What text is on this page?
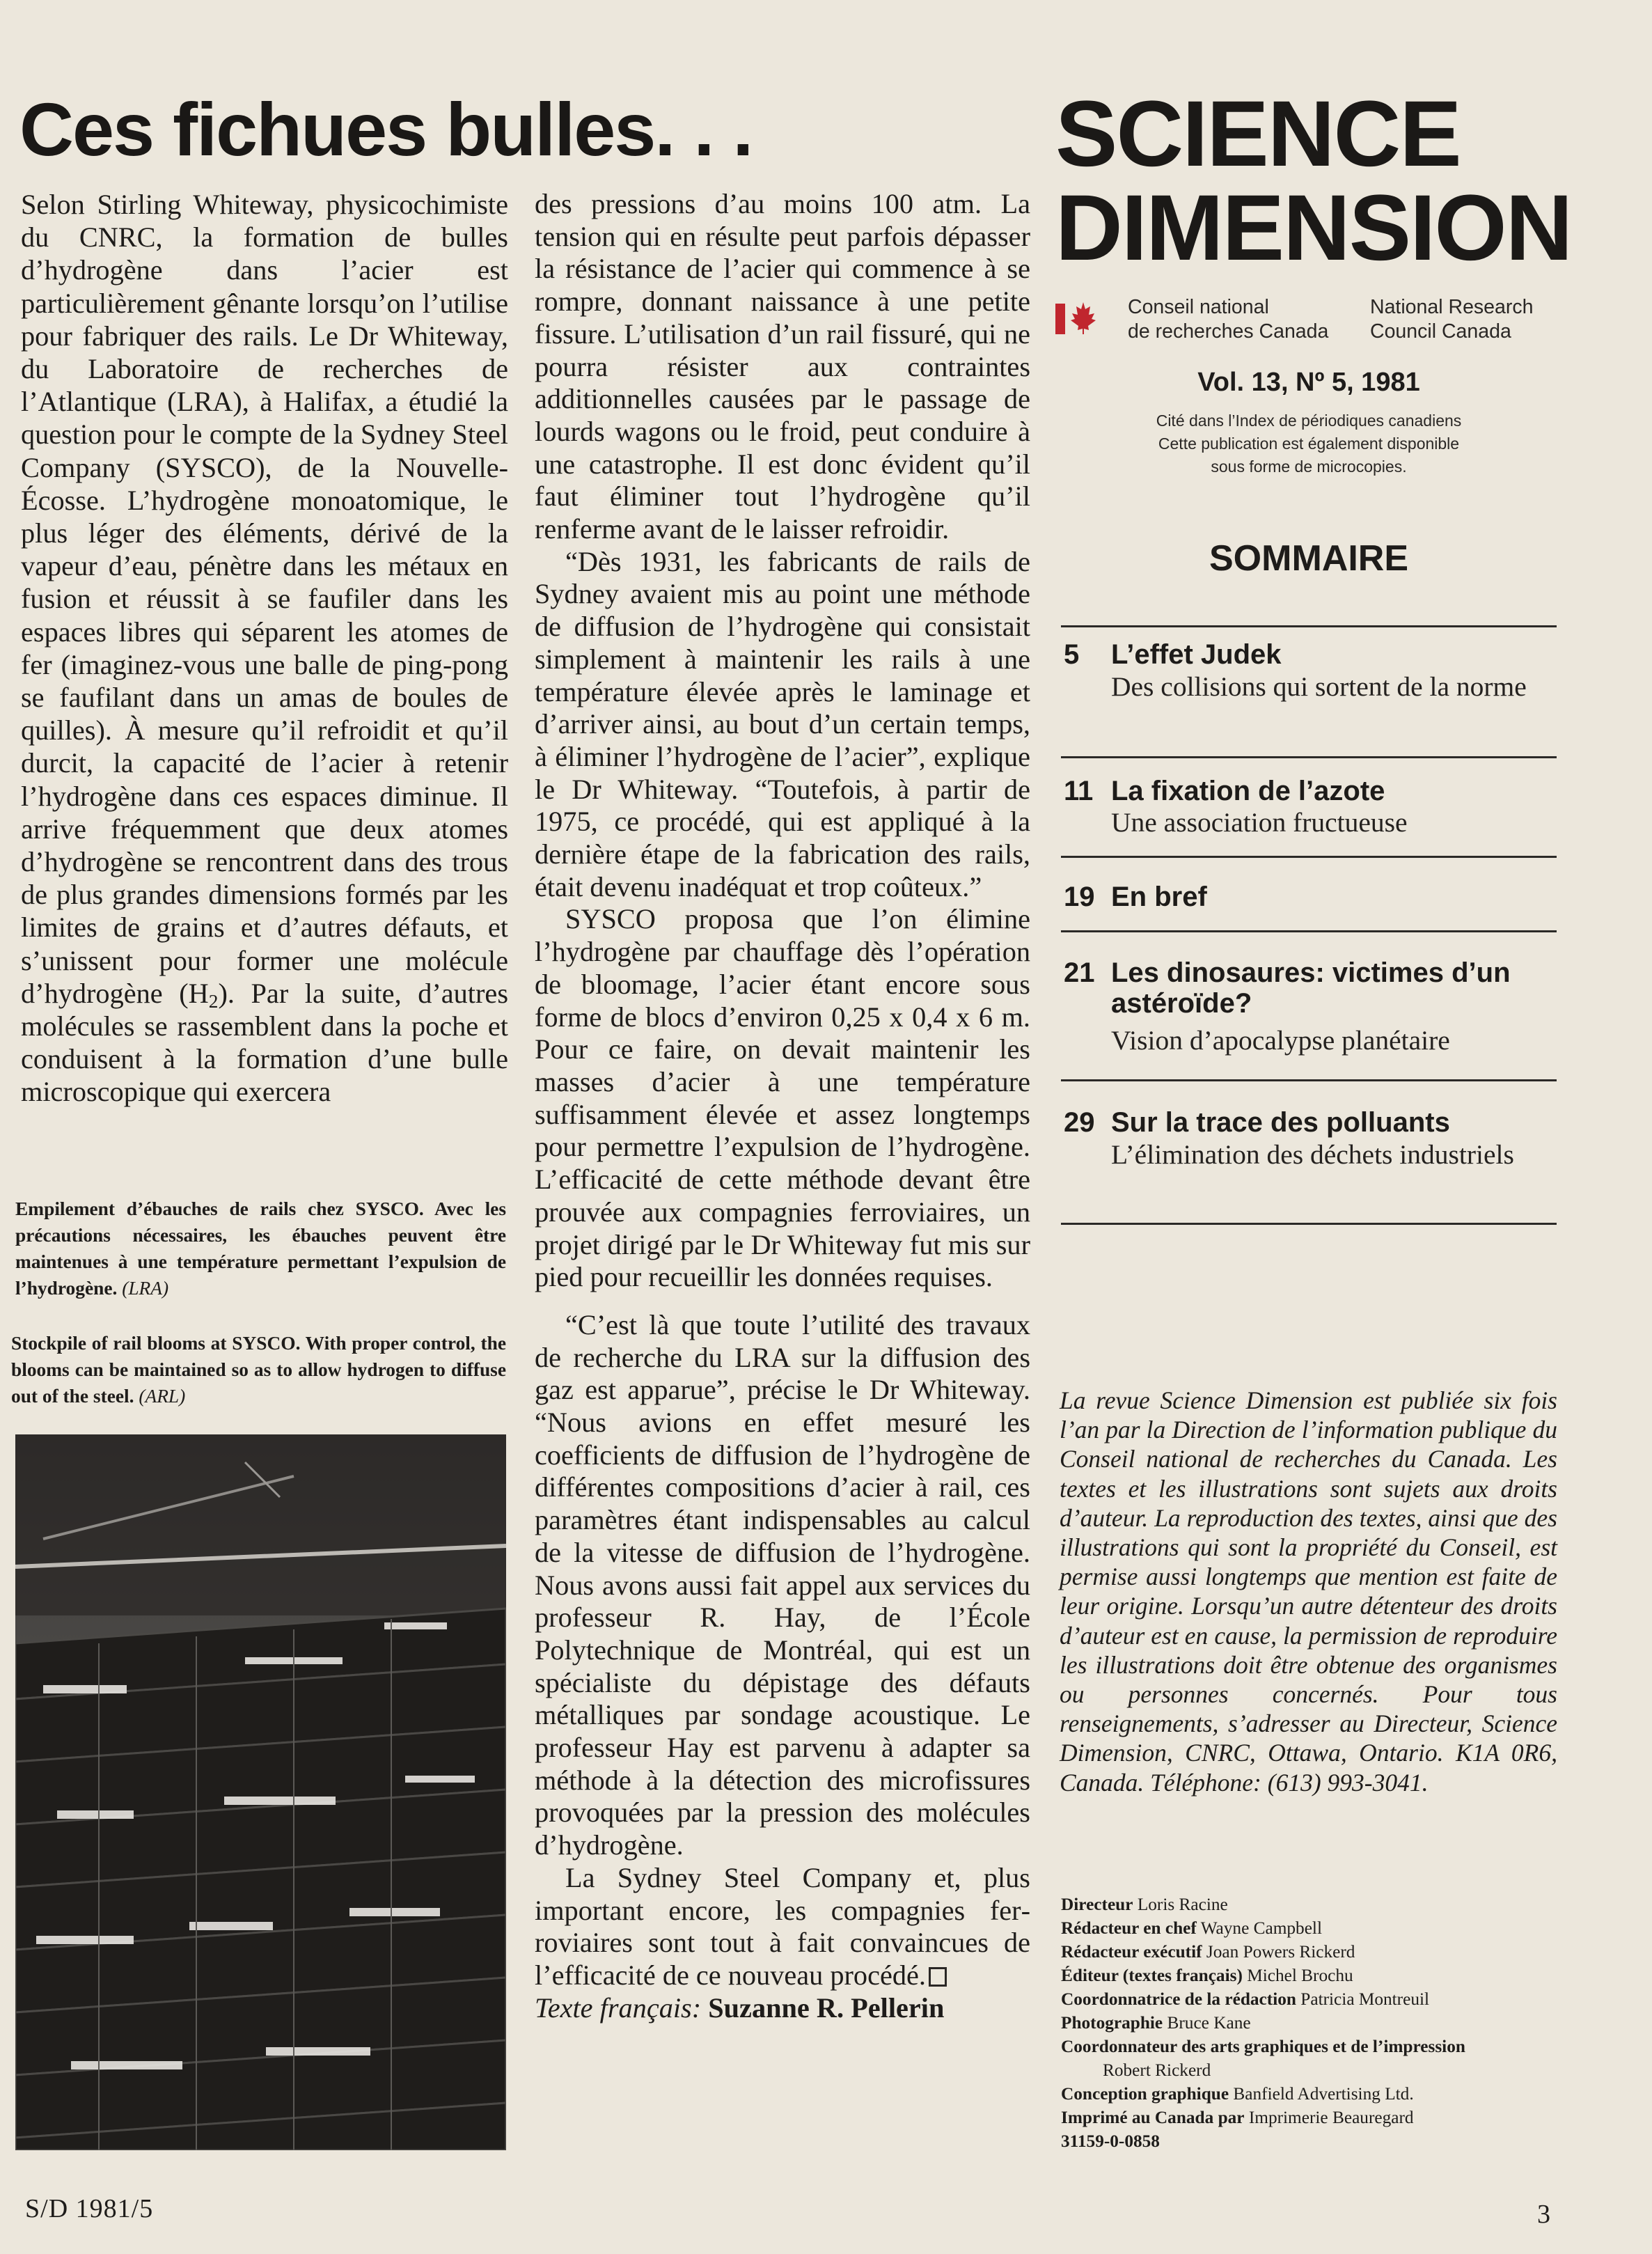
Ces fichues bulles. . .

Selon Stirling Whiteway, physicochimiste du CNRC, la formation de bulles d’hydrogène dans l’acier est particulièrement gênante lorsqu’on l’utilise pour fabriquer des rails. Le Dr Whiteway, du Laboratoire de recherches de l’Atlantique (LRA), à Halifax, a étudié la question pour le compte de la Sydney Steel Company (SYSCO), de la Nouvelle-Écosse. L’hydrogène monoatomique, le plus léger des éléments, dérivé de la vapeur d’eau, pénètre dans les métaux en fusion et réussit à se faufiler dans les espaces libres qui séparent les atomes de fer (imaginez-vous une balle de ping-pong se faufilant dans un amas de boules de quilles). À mesure qu’il refroidit et qu’il durcit, la capacité de l’acier à retenir l’hydrogène dans ces espaces diminue. Il arrive fréquemment que deux atomes d’hydrogène se rencontrent dans des trous de plus grandes dimensions formés par les limites de grains et d’autres défauts, et s’unissent pour former une molécule d’hydrogène (H2). Par la suite, d’autres molécules se rassemblent dans la poche et conduisent à la formation d’une bulle microscopique qui exercera

Empilement d’ébauches de rails chez SYSCO. Avec les précautions nécessaires, les ébauches peuvent être maintenues à une température permettant l’expulsion de l’hydrogène. (LRA)
Stockpile of rail blooms at SYSCO. With proper control, the blooms can be maintained so as to allow hydrogen to diffuse out of the steel. (ARL)

des pressions d’au moins 100 atm. La tension qui en résulte peut parfois dépasser la résistance de l’acier qui commence à se rompre, donnant naissance à une petite fissure. L’utilisation d’un rail fissuré, qui ne pourra résister aux contraintes additionnelles causées par le passage de lourds wagons ou le froid, peut conduire à une catastrophe. Il est donc évident qu’il faut éliminer tout l’hydrogène qu’il renferme avant de le laisser refroidir.

“Dès 1931, les fabricants de rails de Sydney avaient mis au point une méthode de diffusion de l’hydrogène qui consistait simplement à maintenir les rails à une température élevée après le laminage et d’arriver ainsi, au bout d’un certain temps, à éliminer l’hydrogène de l’acier”, explique le Dr Whiteway. “Toutefois, à partir de 1975, ce procédé, qui est appliqué à la dernière étape de la fabrication des rails, était devenu inadéquat et trop coûteux.”

SYSCO proposa que l’on élimine l’hydrogène par chauffage dès l’opération de bloomage, l’acier étant encore sous forme de blocs d’environ 0,25 x 0,4 x 6 m. Pour ce faire, on devait maintenir les masses d’acier à une température suffisamment élevée et assez longtemps pour permettre l’expulsion de l’hydrogène. L’efficacité de cette méthode devant être prouvée aux compagnies ferroviaires, un projet dirigé par le Dr Whiteway fut mis sur pied pour recueillir les données requises.

“C’est là que toute l’utilité des travaux de recherche du LRA sur la diffusion des gaz est apparue”, précise le Dr Whiteway. “Nous avions en effet mesuré les coefficients de diffusion de l’hydrogène de différentes compositions d’acier à rail, ces paramètres étant indispensables au calcul de la vitesse de diffusion de l’hydrogène. Nous avons aussi fait appel aux services du professeur R. Hay, de l’École Polytechnique de Montréal, qui est un spécialiste du dépistage des défauts métalliques par sondage acoustique. Le professeur Hay est parvenu à adapter sa méthode à la détection des microfissures provoquées par la pression des molécules d’hydrogène.

La Sydney Steel Company et, plus important encore, les compagnies ferroviaires sont tout à fait convaincues de l’efficacité de ce nouveau procédé.

Texte français: Suzanne R. Pellerin

SCIENCE
DIMENSION
Conseil national
de recherches Canada
National Research
Council Canada
Vol. 13, Nº 5, 1981

Cité dans l’Index de périodiques canadiens

Cette publication est également disponible

sous forme de microcopies.

SOMMAIRE
5 L’effet Judek
Des collisions qui sortent de la norme
11 La fixation de l’azote
Une association fructueuse
19 En bref
21 Les dinosaures: victimes d’un astéroïde?
Vision d’apocalypse planétaire
29 Sur la trace des polluants
L’élimination des déchets industriels
La revue Science Dimension est publiée six fois l’an par la Direction de l’information publique du Conseil national de recherches du Canada. Les textes et les illustrations sont sujets aux droits d’auteur. La reproduction des textes, ainsi que des illustrations qui sont la propriété du Conseil, est permise aussi longtemps que mention est faite de leur origine. Lorsqu’un autre détenteur des droits d’auteur est en cause, la permission de reproduire les illustrations doit être obtenue des organismes ou personnes concernés. Pour tous renseignements, s’adresser au Directeur, Science Dimension, CNRC, Ottawa, Ontario. K1A 0R6, Canada. Téléphone: (613) 993-3041.
Directeur Loris Racine
Rédacteur en chef Wayne Campbell
Rédacteur exécutif Joan Powers Rickerd
Éditeur (textes français) Michel Brochu
Coordonnatrice de la rédaction Patricia Montreuil
Photographie Bruce Kane
Coordonnateur des arts graphiques et de l’impression
Robert Rickerd
Conception graphique Banfield Advertising Ltd.
Imprimé au Canada par Imprimerie Beauregard
31159-0-0858
S/D 1981/5	3
